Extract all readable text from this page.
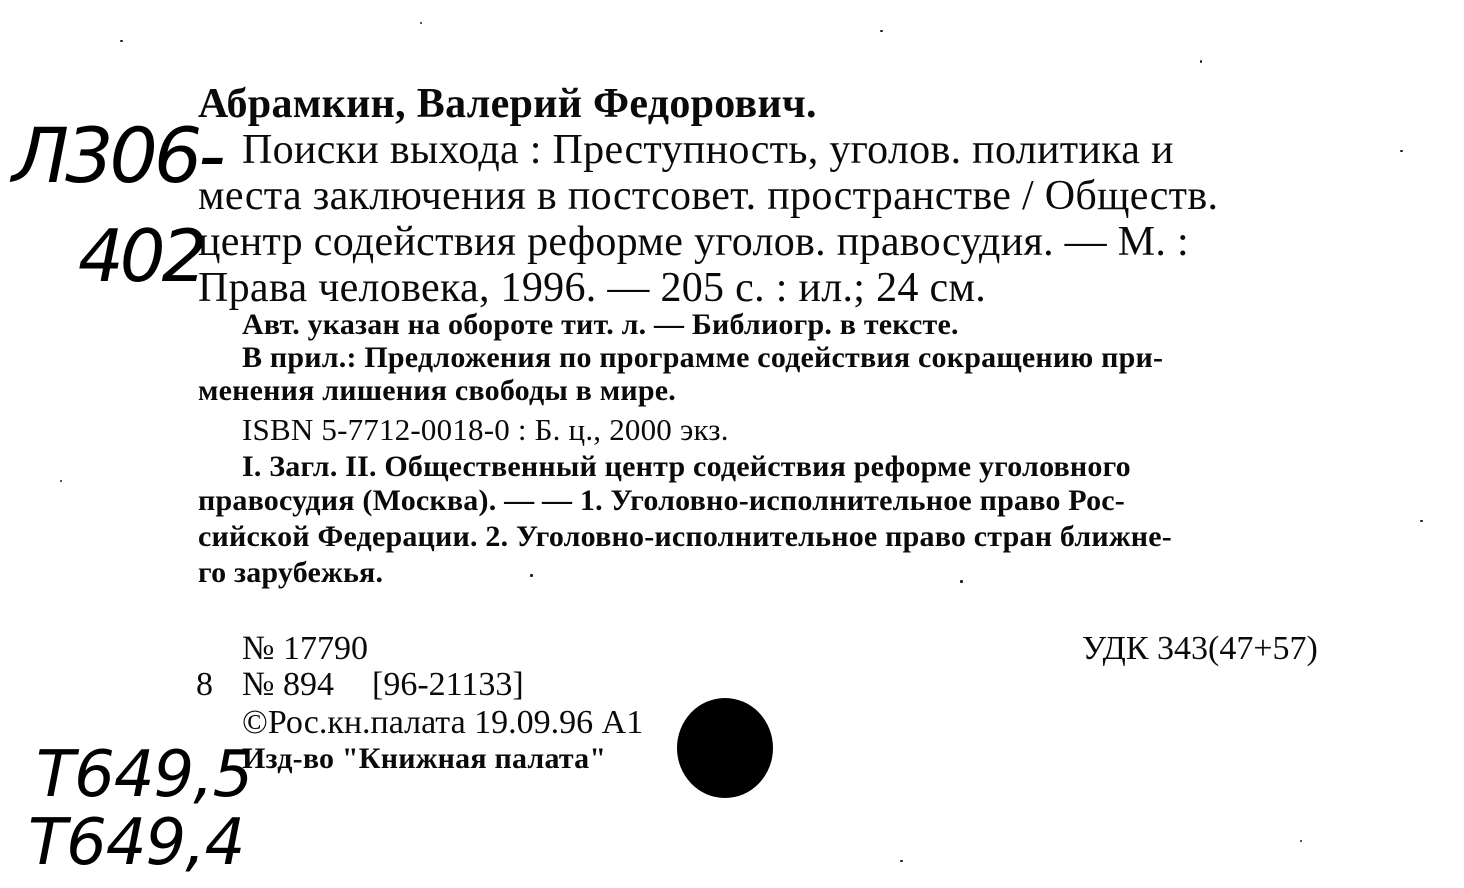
Л306-
402
Абрамкин, Валерий Федорович.
Поиски выхода : Преступность, уголов. политика и
места заключения в постсовет. пространстве / Обществ.
центр содействия реформе уголов. правосудия. — М. :
Права человека, 1996. — 205 с. : ил.; 24 см.
Авт. указан на обороте тит. л. — Библиогр. в тексте.
В прил.: Предложения по программе содействия сокращению при-
менения лишения свободы в мире.
ISBN 5-7712-0018-0 : Б. ц., 2000 экз.
I. Загл. II. Общественный центр содействия реформе уголовного
правосудия (Москва). — — 1. Уголовно-исполнительное право Рос-
сийской Федерации. 2. Уголовно-исполнительное право стран ближне-
го зарубежья.
№ 17790	УДК 343(47+57)
8 № 894 [96-21133]
©Рос.кн.палата 19.09.96 А1
Изд-во "Книжная палата"
Т649,5
Т649,4
